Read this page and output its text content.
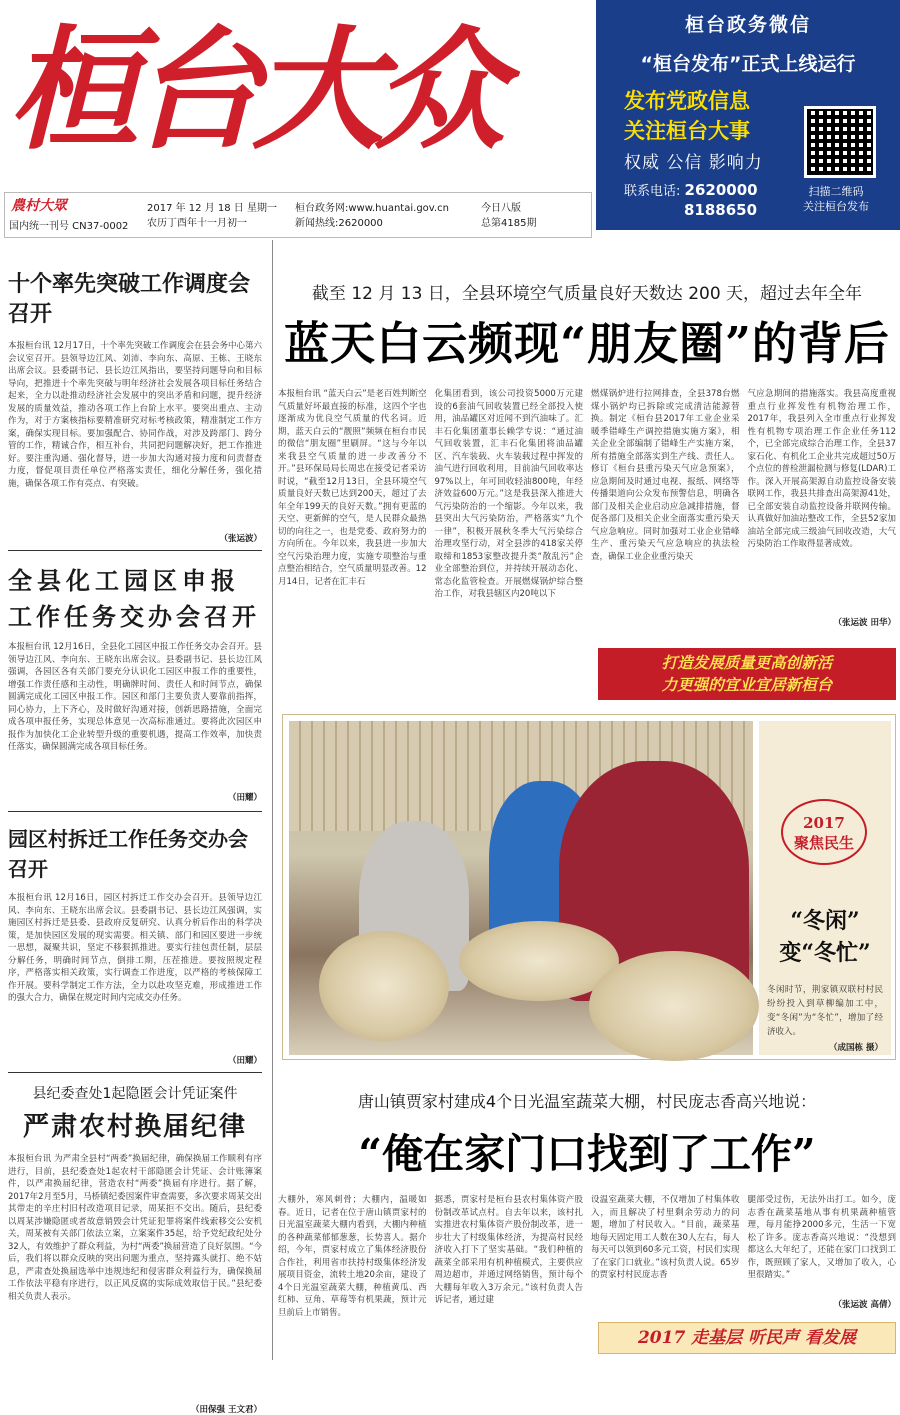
桓台大众	桓台政务微信
“桓台发布”正式上线运行
发布党政信息
关注桓台大事
权威 公信 影响力
联系电话: 2620000
8188650
扫描二维码
关注桓台发布
農村大眾
国内统一刊号 CN37-0002
2017 年 12 月 18 日 星期一
农历丁酉年十一月初一
桓台政务网:www.huantai.gov.cn
新闻热线:2620000
今日八版
总第4185期
十个率先突破工作调度会召开
本报桓台讯 12月17日，十个率先突破工作调度会在县会务中心第六会议室召开。县领导边江风、刘沛、李向东、高原、王栋、王晓东出席会议。县委副书记、县长边江风指出，要坚持问题导向和目标导向，把推进十个率先突破与明年经济社会发展各项目标任务结合起来，全力以赴推动经济社会发展中的突出矛盾和问题，提升经济发展的质量效益，推动各项工作上台阶上水平。要突出重点、主动作为，对于方案核指标要精准研究对标考核政策，精准制定工作方案，确保实现目标。要加强配合、协同作战，对涉及跨部门、跨分管的工作，精诚合作，相互补台，共同把问题解决好，把工作推进好。要注重沟通、强化督导，进一步加大沟通对接力度和问责督查力度，督促项目责任单位严格落实责任，细化分解任务，强化措施，确保各项工作有亮点、有突破。
（张运波）
全县化工园区申报
工作任务交办会召开
本报桓台讯 12月16日，全县化工园区申报工作任务交办会召开。县领导边江风、李向东、王晓东出席会议。县委副书记、县长边江风强调，各园区各有关部门要充分认识化工园区申报工作的重要性，增强工作责任感和主动性，明确牌时间、责任人和时间节点，确保圆满完成化工园区申报工作。园区和部门主要负责人要靠前指挥，同心协力，上下齐心，及时做好沟通对接，创新思路措施，全面完成各项申报任务，实现总体意见一次高标准通过。要将此次园区申报作为加快化工企业转型升级的重要机遇，提高工作效率，加快责任落实，确保圆满完成各项目标任务。
（田耀）
园区村拆迁工作任务交办会召开
本报桓台讯 12月16日，园区村拆迁工作交办会召开。县领导边江风、李向东、王晓东出席会议。县委副书记、县长边江风强调，实施园区村拆迁是县委、县政府反复研究、认真分析后作出的科学决策，是加快园区发展的现实需要。相关镇、部门和园区要进一步统一思想，凝聚共识，坚定不移狠抓推进。要实行挂包责任制，层层分解任务，明确时间节点，倒排工期，压茬推进。要按照规定程序，严格落实相关政策，实行调查工作进度，以严格的考核保障工作开展。要科学制定工作方法，全力以赴攻坚克难，形成推进工作的强大合力，确保在规定时间内完成交办任务。
（田耀）
县纪委查处1起隐匿会计凭证案件
严肃农村换届纪律
本报桓台讯 为严肃全县村“两委”换届纪律，确保换届工作顺利有序进行，目前，县纪委查处1起农村干部隐匿会计凭证、会计账簿案件，以严肃换届纪律，营造农村“两委”换届有序进行。据了解，2017年2月至5月，马桥镇纪委因案件审查需要，多次要求周某交出其带走的辛庄村旧村改造项目记录，周某拒不交出。随后，县纪委以周某涉嫌隐匿或者故意销毁会计凭证犯罪将案件线索移交公安机关，周某被有关部门依法立案，立案案件35起，给予党纪政纪处分32人，有效维护了群众利益，为村“两委”换届营造了良好氛围。“今后，我们将以群众反映的突出问题为重点，坚持露头就打、绝不姑息，严肃查处换届选举中违规违纪和侵害群众利益行为，确保换届工作依法平稳有序进行，以正风反腐的实际成效取信于民。”县纪委相关负责人表示。
（田保强 王文君）
截至 12 月 13 日，全县环境空气质量良好天数达 200 天，超过去年全年
蓝天白云频现“朋友圈”的背后
本报桓台讯 “蓝天白云”是老百姓判断空气质量好坏最直接的标准，这四个字也逐渐成为优良空气质量的代名词。近期，蓝天白云的“靓照”频频在桓台市民的微信“朋友圈”里刷屏。“这与今年以来我县空气质量的进一步改善分不开。”县环保局局长周忠在接受记者采访时说，“截至12月13日，全县环境空气质量良好天数已达到200天，超过了去年全年199天的良好天数。”拥有更蓝的天空、更新鲜的空气，是人民群众最热切的向往之一，也是党委、政府努力的方向所在。今年以来，我县进一步加大空气污染治理力度，实施专项整治与重点整治相结合，空气质量明显改善。12月14日，记者在汇丰石
化集团看到，该公司投资5000万元建设的6套油气回收装置已经全部投入使用，油品罐区对近闻不到汽油味了。汇丰石化集团董事长赖学专说：“通过油气回收装置，汇丰石化集团将油品罐区、汽车装载、火车装载过程中挥发的油气进行回收利用，目前油气回收率达97%以上，年可回收轻油800吨，年经济效益600万元。”这是我县深入推进大气污染防治的一个缩影。今年以来，我县突出大气污染防治，严格落实“九个一律”，积极开展秋冬季大气污染综合治理攻坚行动，对全县涉的418家关停取缔和1853家整改提升类“散乱污”企业全部整治到位，并持续开展动态化、常态化监管检查。开展燃煤锅炉综合整治工作，对我县辖区内20吨以下
燃煤锅炉进行拉网排查，全县378台燃煤小锅炉均已拆除或完成清洁能源替换。制定《桓台县2017年工业企业采暖季错峰生产调控措施实施方案》，相关企业全部编制了错峰生产实施方案，所有措施全部落实到生产线、责任人。修订《桓台县重污染天气应急预案》，应急期间及时通过电视、报纸、网络等传播渠道向公众发布预警信息，明确各部门及相关企业启动应急减排措施，督促各部门及相关企业全面落实重污染天气应急响应。同时加强对工业企业错峰生产、重污染天气应急响应的执法检查，确保工业企业重污染天
气应急期间的措施落实。我县高度重视重点行业挥发性有机物治理工作，2017年，我县列入全市重点行业挥发性有机物专项治理工作企业任务112个，已全部完成综合治理工作，全县37家石化、有机化工企业共完成超过50万个点位的普检泄漏检测与修复(LDAR)工作。深入开展高架源自动监控设备安装联网工作，我县共排查出高架源41处，已全部安装自动监控设备并联网传输。认真做好加油站整改工作，全县52家加油站全部完成三级油气回收改造，大气污染防治工作取得显著成效。
（张运波 田华）
打造发展质量更高创新活
力更强的宜业宜居新桓台
2017
聚焦民生
“冬闲”
变“冬忙”
冬闲时节，荆家镇双联村村民纷纷投入到草柳编加工中，变“冬闲”为“冬忙”，增加了经济收入。
（成国栋 摄）
唐山镇贾家村建成4个日光温室蔬菜大棚，村民庞志香高兴地说：
“俺在家门口找到了工作”
大棚外，寒风刺骨；大棚内，温暖如春。近日，记者在位于唐山镇贾家村的日光温室蔬菜大棚内看到，大棚内种植的各种蔬菜郁郁葱葱，长势喜人。据介绍，今年，贾家村成立了集体经济股份合作社，利用省市扶持村级集体经济发展项目资金，流转土地20余亩，建设了4个日光温室蔬菜大棚，种植黄瓜、西红柿、豆角、草莓等有机果蔬，预计元旦前后上市销售。
据悉，贾家村是桓台县农村集体资产股份制改革试点村。自去年以来，该村扎实推进农村集体资产股份制改革，进一步壮大了村级集体经济，为提高村民经济收入打下了坚实基础。“我们种植的蔬菜全部采用有机种植模式，主要供应周边超市，并通过网络销售，预计每个大棚每年收入3万余元。”该村负责人告诉记者，通过建
设温室蔬菜大棚，不仅增加了村集体收入，而且解决了村里剩余劳动力的问题，增加了村民收入。“目前，蔬菜基地每天固定用工人数在30人左右，每人每天可以领到60多元工资，村民们实现了在家门口就业。”该村负责人说。65岁的贾家村村民庞志香
腿部受过伤，无法外出打工。如今，庞志香在蔬菜基地从事有机果蔬种植管理，每月能挣2000多元，生活一下宽松了许多。庞志香高兴地说：“没想到都这么大年纪了，还能在家门口找到工作，既照顾了家人，又增加了收入，心里很踏实。”
（张运波 高倩）
2017 走基层 听民声 看发展
